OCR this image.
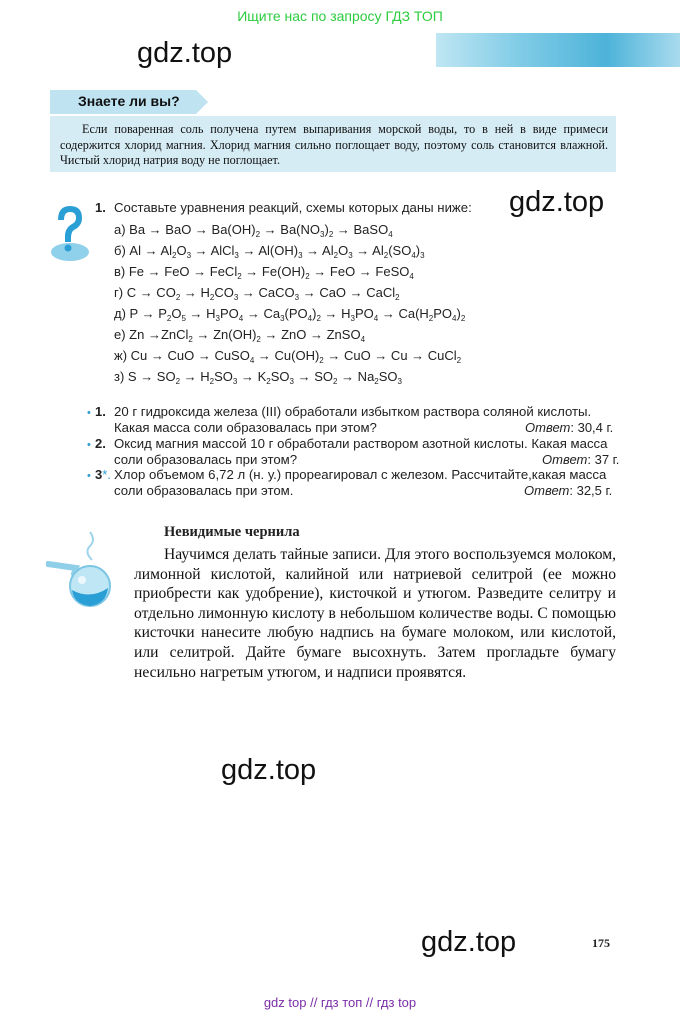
Ищите нас по запросу ГДЗ ТОП
gdz.top
gdz.top
gdz.top
gdz.top
Знаете ли вы?
Если поваренная соль получена путем выпаривания морской воды, то в ней в виде примеси содержится хлорид магния. Хлорид магния сильно поглощает воду, поэтому соль становится влажной. Чистый хлорид натрия воду не поглощает.
1. Составьте уравнения реакций, схемы которых даны ниже:
а) Ba → BaO → $Ba(OH)_2 \to Ba(NO_3)_2$ → BaSO$_4$
б) $Al \to Al_2O_3$ → AlCl$_3$ → $Al(OH)_3 \to Al_2O_3 \to Al_2(SO_4)_3$
в) Fe → FeO → FeCl$_2$ → $Fe(OH)_2$ → FeO → FeSO$_4$
г) $C \to CO_2 \to H_2CO_3$ → CaCO$_3$ → CaO → CaCl$_2$
д) $P \to P_2O_5 \to H_3PO_4 \to Ca_3(PO_4)_2 \to H_3PO_4 \to Ca(H_2PO_4)_2$
е) Zn →ZnCl$_2$ → $Zn(OH)_2$ → ZnO → ZnSO$_4$
ж) Cu → CuO → CuSO$_4$ → $Cu(OH)_2$ → CuO → Cu → CuCl$_2$
з) $S \to SO_2 \to H_2SO_3 \to K_2SO_3 \to SO_2 \to Na_2SO_3$
• 1. 20 г гидроксида железа (III) обработали избытком раствора соляной кислоты. Какая масса соли образовалась при этом?	Ответ: 30,4 г.
• 2. Оксид магния массой 10 г обработали раствором азотной кислоты. Какая масса соли образовалась при этом?	Ответ: 37 г.
• 3*. Хлор объемом 6,72 л (н. у.) прореагировал с железом. Рассчитайте,какая масса соли образовалась при этом.	Ответ: 32,5 г.
Невидимые чернила
Научимся делать тайные записи. Для этого воспользуемся молоком, лимонной кислотой, калийной или натриевой селитрой (ее можно приобрести как удобрение), кисточкой и утюгом. Разведите селитру и отдельно лимонную кислоту в небольшом количестве воды. С помощью кисточки нанесите любую надпись на бумаге молоком, или кислотой, или селитрой. Дайте бумаге высохнуть. Затем прогладьте бумагу несильно нагретым утюгом, и надписи проявятся.
175
gdz top // гдз топ // гдз top
